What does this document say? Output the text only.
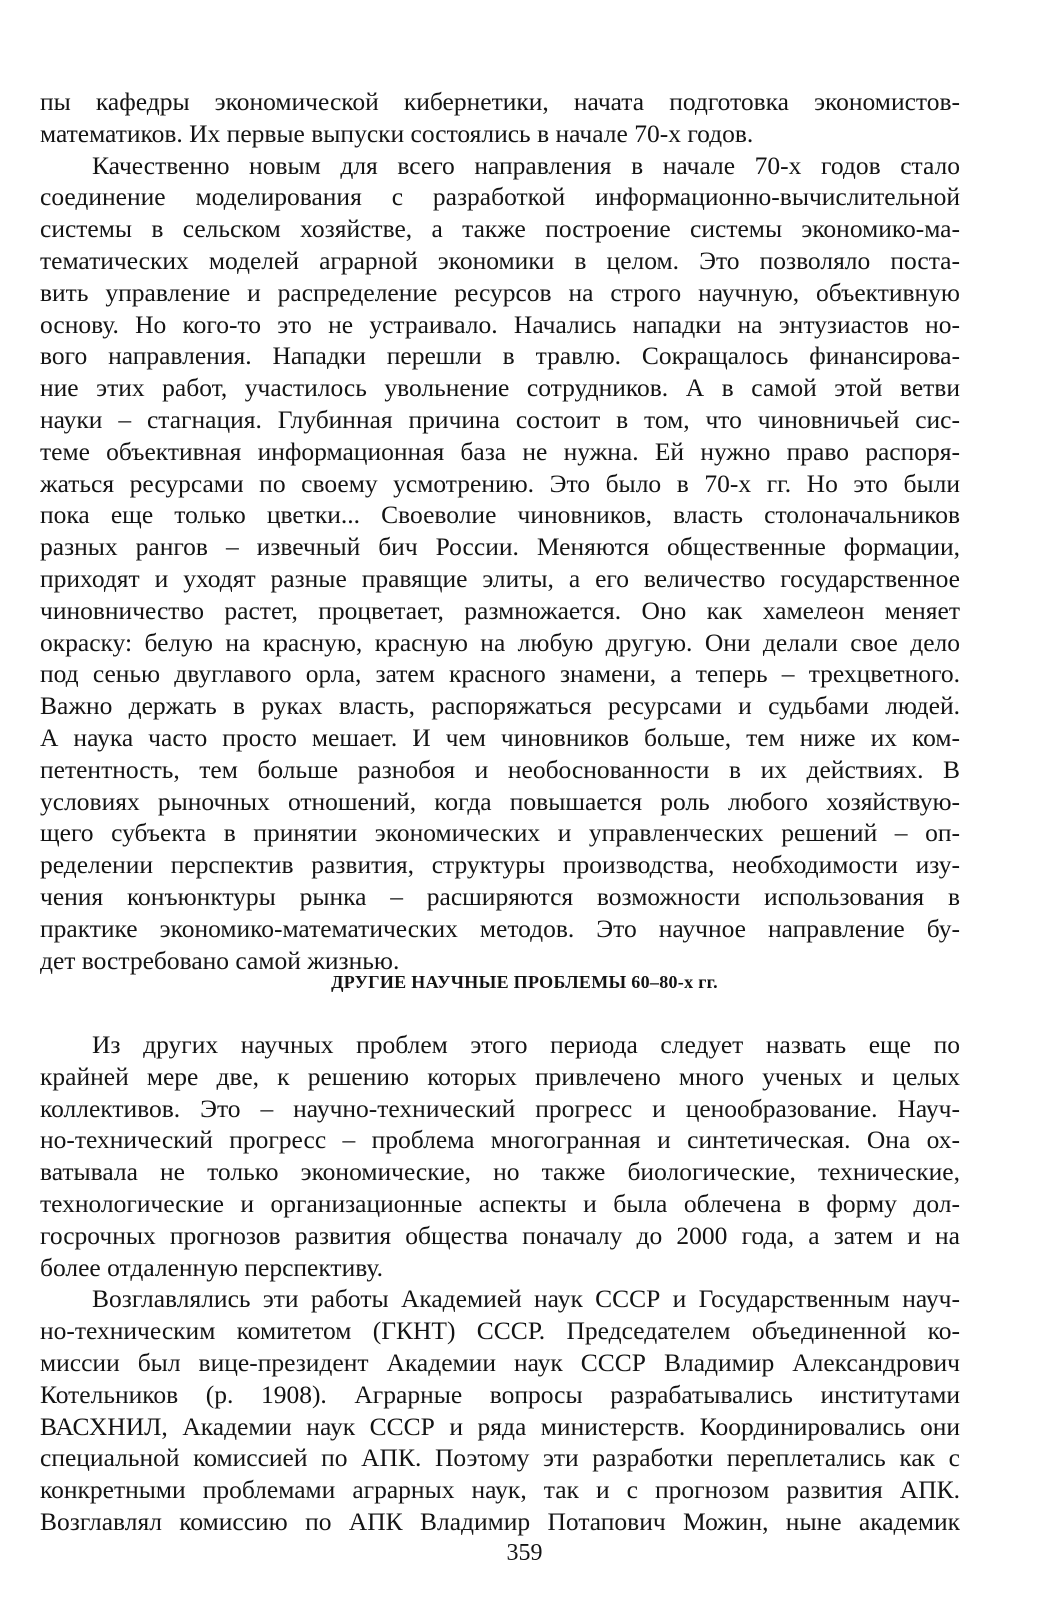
пы кафедры экономической кибернетики, начата подготовка экономистов-
математиков. Их первые выпуски состоялись в начале 70-х годов.
Качественно новым для всего направления в начале 70-х годов стало
соединение моделирования с разработкой информационно-вычислительной
системы в сельском хозяйстве, а также построение системы экономико-ма-
тематических моделей аграрной экономики в целом. Это позволяло поста-
вить управление и распределение ресурсов на строго научную, объективную
основу. Но кого-то это не устраивало. Начались нападки на энтузиастов но-
вого направления. Нападки перешли в травлю. Сокращалось финансирова-
ние этих работ, участилось увольнение сотрудников. А в самой этой ветви
науки – стагнация. Глубинная причина состоит в том, что чиновничьей сис-
теме объективная информационная база не нужна. Ей нужно право распоря-
жаться ресурсами по своему усмотрению. Это было в 70-х гг. Но это были
пока еще только цветки... Своеволие чиновников, власть столоначальников
разных рангов – извечный бич России. Меняются общественные формации,
приходят и уходят разные правящие элиты, а его величество государственное
чиновничество растет, процветает, размножается. Оно как хамелеон меняет
окраску: белую на красную, красную на любую другую. Они делали свое дело
под сенью двуглавого орла, затем красного знамени, а теперь – трехцветного.
Важно держать в руках власть, распоряжаться ресурсами и судьбами людей.
А наука часто просто мешает. И чем чиновников больше, тем ниже их ком-
петентность, тем больше разнобоя и необоснованности в их действиях. В
условиях рыночных отношений, когда повышается роль любого хозяйствую-
щего субъекта в принятии экономических и управленческих решений – оп-
ределении перспектив развития, структуры производства, необходимости изу-
чения конъюнктуры рынка – расширяются возможности использования в
практике экономико-математических методов. Это научное направление бу-
дет востребовано самой жизнью.
ДРУГИЕ НАУЧНЫЕ ПРОБЛЕМЫ 60–80-х гг.
Из других научных проблем этого периода следует назвать еще по
крайней мере две, к решению которых привлечено много ученых и целых
коллективов. Это – научно-технический прогресс и ценообразование. Науч-
но-технический прогресс – проблема многогранная и синтетическая. Она ох-
ватывала не только экономические, но также биологические, технические,
технологические и организационные аспекты и была облечена в форму дол-
госрочных прогнозов развития общества поначалу до 2000 года, а затем и на
более отдаленную перспективу.
Возглавлялись эти работы Академией наук СССР и Государственным науч-
но-техническим комитетом (ГКНТ) СССР. Председателем объединенной ко-
миссии был вице-президент Академии наук СССР Владимир Александрович
Котельников (р. 1908). Аграрные вопросы разрабатывались институтами
ВАСХНИЛ, Академии наук СССР и ряда министерств. Координировались они
специальной комиссией по АПК. Поэтому эти разработки переплетались как с
конкретными проблемами аграрных наук, так и с прогнозом развития АПК.
Возглавлял комиссию по АПК Владимир Потапович Можин, ныне академик
359
